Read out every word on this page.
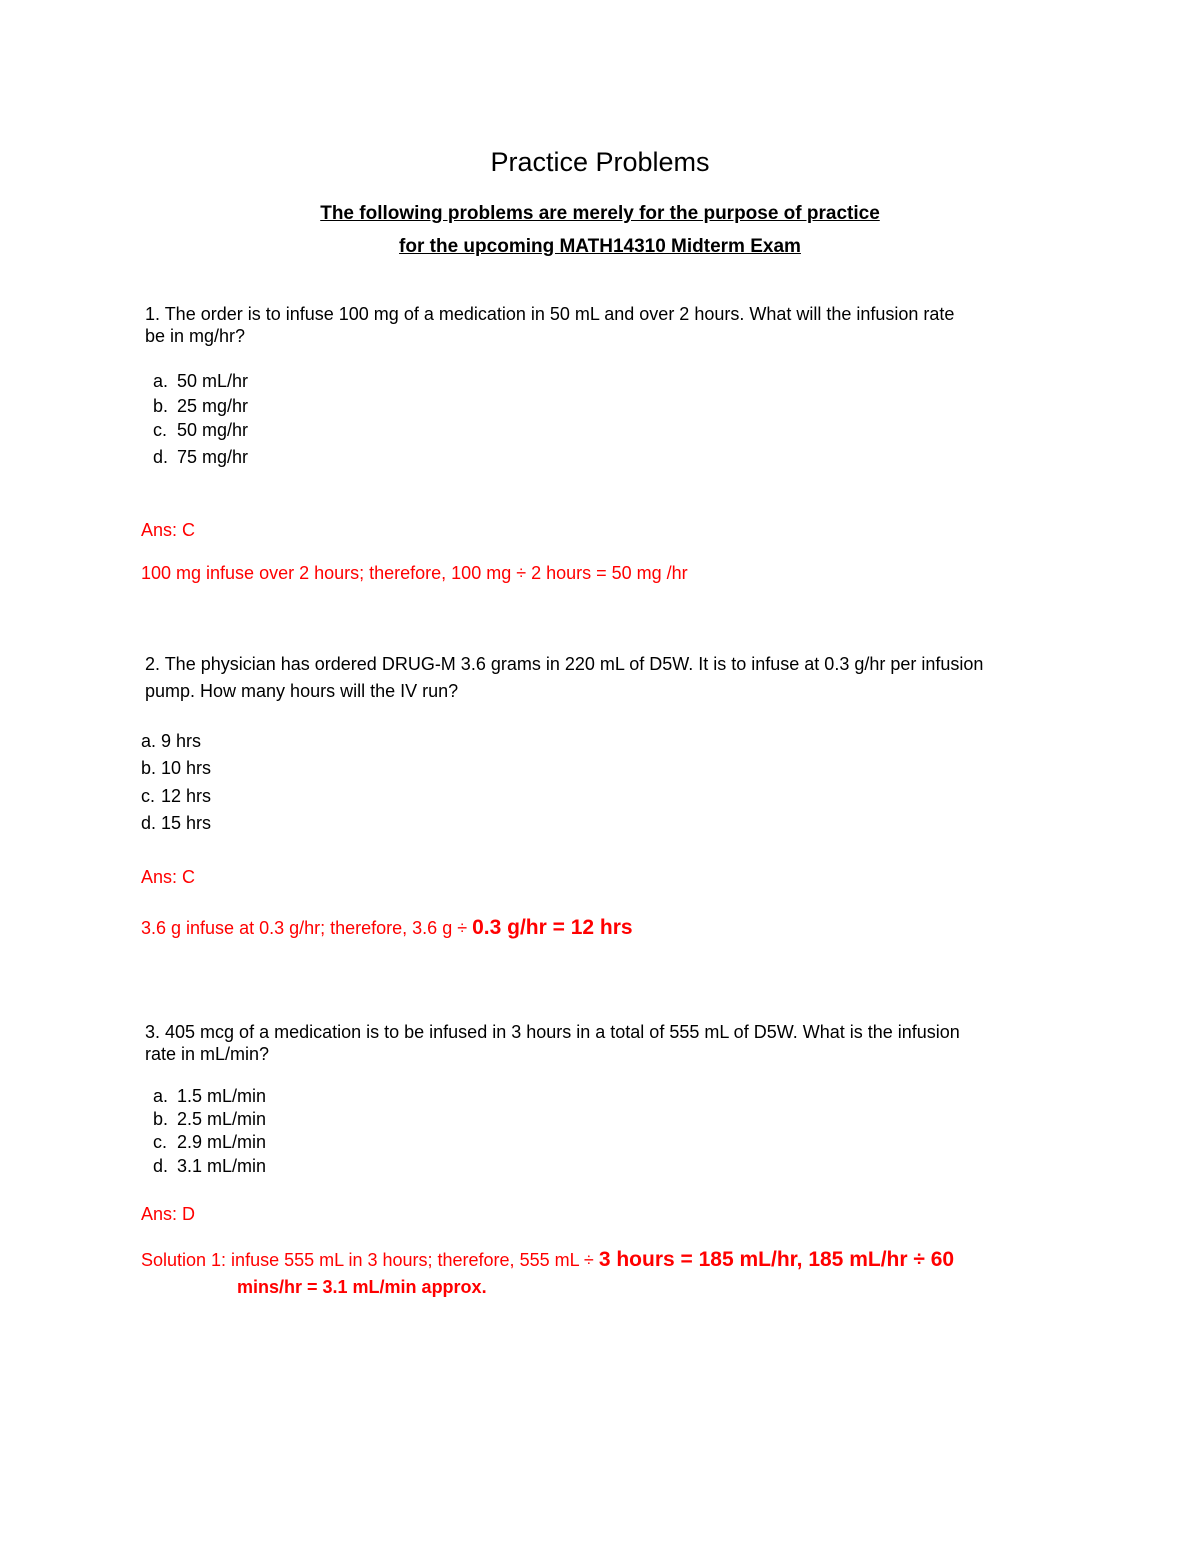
Practice Problems
The following problems are merely for the purpose of practice
for the upcoming MATH14310 Midterm Exam
1. The order is to infuse 100 mg of a medication in 50 mL and over 2 hours. What will the infusion rate
be in mg/hr?
a. 50 mL/hr
b. 25 mg/hr
c. 50 mg/hr
d. 75 mg/hr
Ans: C
100 mg infuse over 2 hours; therefore, 100 mg ÷ 2 hours = 50 mg /hr
2. The physician has ordered DRUG-M 3.6 grams in 220 mL of D5W. It is to infuse at 0.3 g/hr per infusion
pump. How many hours will the IV run?
a. 9 hrs
b. 10 hrs
c. 12 hrs
d. 15 hrs
Ans: C
3.6 g infuse at 0.3 g/hr; therefore, 3.6 g ÷ 0.3 g/hr = 12 hrs
3. 405 mcg of a medication is to be infused in 3 hours in a total of 555 mL of D5W. What is the infusion
rate in mL/min?
a. 1.5 mL/min
b. 2.5 mL/min
c. 2.9 mL/min
d. 3.1 mL/min
Ans: D
Solution 1: infuse 555 mL in 3 hours; therefore, 555 mL ÷ 3 hours = 185 mL/hr, 185 mL/hr ÷ 60
mins/hr = 3.1 mL/min approx.
